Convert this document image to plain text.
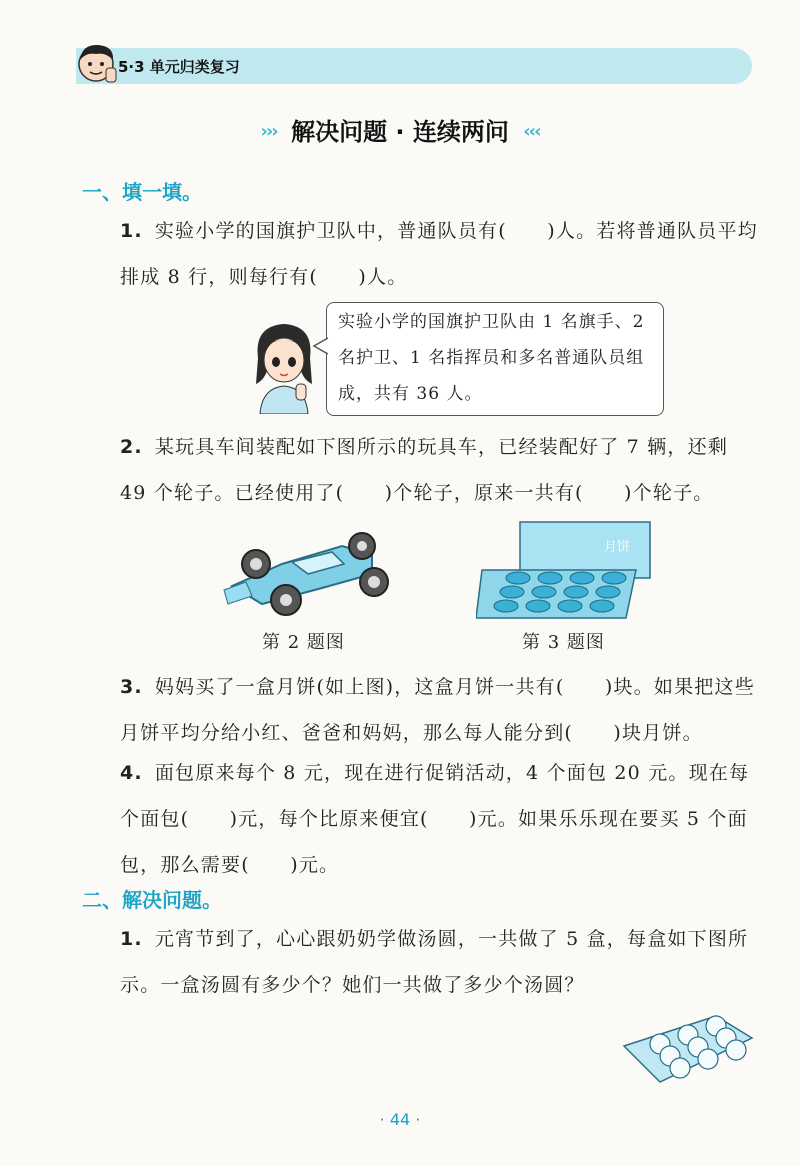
5·3 单元归类复习
››› 解决问题 · 连续两问 ‹‹‹
一、填一填。
1. 实验小学的国旗护卫队中，普通队员有(　　)人。若将普通队员平均排成 8 行，则每行有(　　)人。
实验小学的国旗护卫队由 1 名旗手、2 名护卫、1 名指挥员和多名普通队员组成，共有 36 人。
2. 某玩具车间装配如下图所示的玩具车，已经装配好了 7 辆，还剩 49 个轮子。已经使用了(　　)个轮子，原来一共有(　　)个轮子。
月饼
第 2 题图	第 3 题图
3. 妈妈买了一盒月饼(如上图)，这盒月饼一共有(　　)块。如果把这些月饼平均分给小红、爸爸和妈妈，那么每人能分到(　　)块月饼。
4. 面包原来每个 8 元，现在进行促销活动，4 个面包 20 元。现在每个面包(　　)元，每个比原来便宜(　　)元。如果乐乐现在要买 5 个面包，那么需要(　　)元。
二、解决问题。
1. 元宵节到了，心心跟奶奶学做汤圆，一共做了 5 盒，每盒如下图所示。一盒汤圆有多少个？她们一共做了多少个汤圆？
· 44 ·
